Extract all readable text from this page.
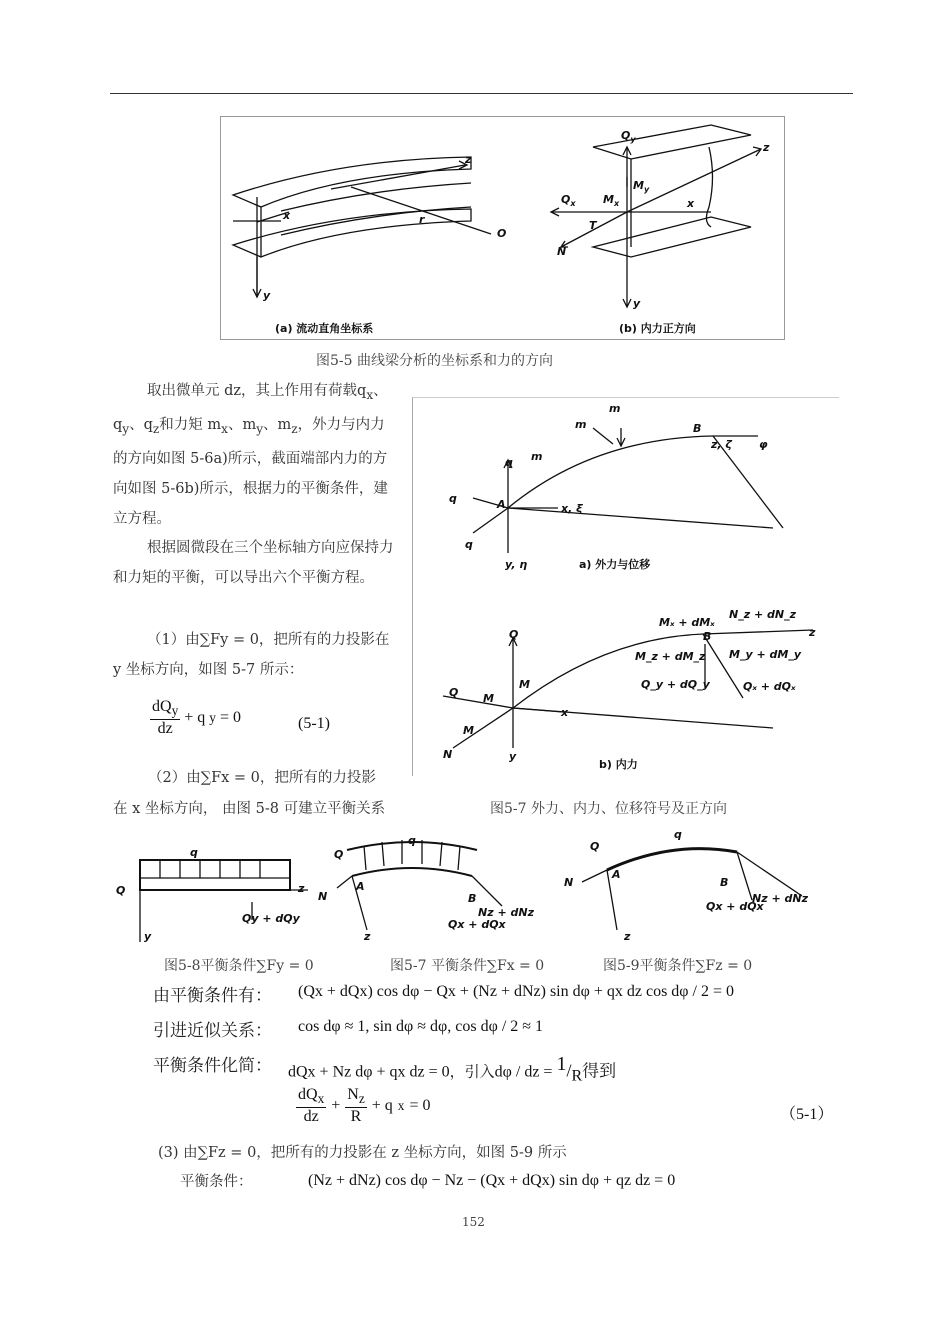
z
x	r
O
y
(a) 流动直角坐标系
$Q_y$
z
$Q_x$ $M_x$
$M_y$
x
T
N
y
(b) 内力正方向
图5-5 曲线梁分析的坐标系和力的方向
取出微单元 dz，其上作用有荷载$q_x$、$q_y$、$q_z$和力矩 $m_x$、$m_y$、$m_z$，外力与内力的方向如图 5-6a)所示，截面端部内力的方向如图 5-6b)所示，根据力的平衡条件，建立方程。
根据圆微段在三个坐标轴方向应保持力和力矩的平衡，可以导出六个平衡方程。
（1）由∑Fy = 0，把所有的力投影在 y 坐标方向，如图 5-7 所示：
$\frac{dQ_y}{dz} + q$ y = 0	(5-1)
（2）由∑Fx = 0，把所有的力投影
在 x 坐标方向， 由图 5-8 可建立平衡关系
m
m
m
q
q
q
A
B
x, ξ
z, ζ φ
y, η	a) 外力与位移
Q
Mₓ + dMₓ
N_z + dN_z
B	z
M_z + dM_z M_y + dM_y
Q_y + dQ_y	Qₓ + dQₓ
Q M
M
M
x
N	y
b) 内力
图5-7 外力、内力、位移符号及正方向
q
Q	z
Qy + dQy
y
Q
q
N
A
B
Nz + dNz
Qx + dQx
z
Q
q
N
A
B
Qx + dQx
Nz + dNz
z
图5-8平衡条件∑Fy = 0	图5-7 平衡条件∑Fx = 0	图5-9平衡条件∑Fz = 0
由平衡条件有： (Qx + dQx) cos dφ − Qx + (Nz + dNz) sin dφ + qx dz cos dφ / 2 = 0
引进近似关系： cos dφ ≈ 1, sin dφ ≈ dφ, cos dφ / 2 ≈ 1
平衡条件化简： dQx + Nz dφ + qx dz = 0，引入dφ / dz = $^1/_R$得到
$\frac{dQ_x}{dz} + \frac{N_z}{R} + q$ x = 0
（5-1）
(3) 由∑Fz = 0，把所有的力投影在 z 坐标方向，如图 5-9 所示
平衡条件：	(Nz + dNz) cos dφ − Nz − (Qx + dQx) sin dφ + qz dz = 0
152
